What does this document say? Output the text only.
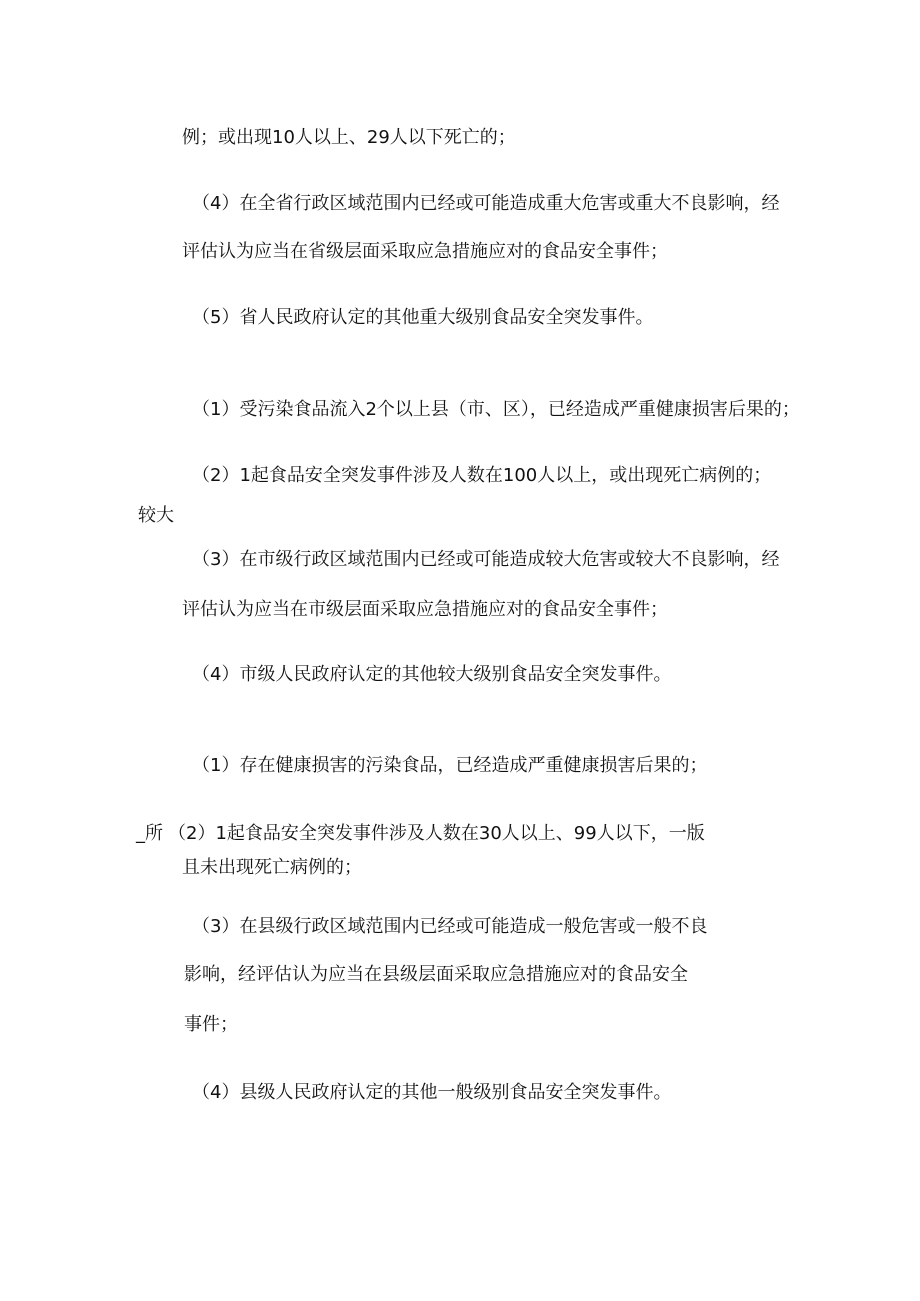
例；或出现10人以上、29人以下死亡的；
（4）在全省行政区域范围内已经或可能造成重大危害或重大不良影响，经
评估认为应当在省级层面采取应急措施应对的食品安全事件；
（5）省人民政府认定的其他重大级别食品安全突发事件。
（1）受污染食品流入2个以上县（市、区），已经造成严重健康损害后果的；
（2）1起食品安全突发事件涉及人数在100人以上，或出现死亡病例的；
较大
（3）在市级行政区域范围内已经或可能造成较大危害或较大不良影响，经
评估认为应当在市级层面采取应急措施应对的食品安全事件；
（4）市级人民政府认定的其他较大级别食品安全突发事件。
（1）存在健康损害的污染食品，已经造成严重健康损害后果的；
_所 （2）1起食品安全突发事件涉及人数在30人以上、99人以下，一版
且未出现死亡病例的；
（3）在县级行政区域范围内已经或可能造成一般危害或一般不良
影响，经评估认为应当在县级层面采取应急措施应对的食品安全
事件；
（4）县级人民政府认定的其他一般级别食品安全突发事件。
